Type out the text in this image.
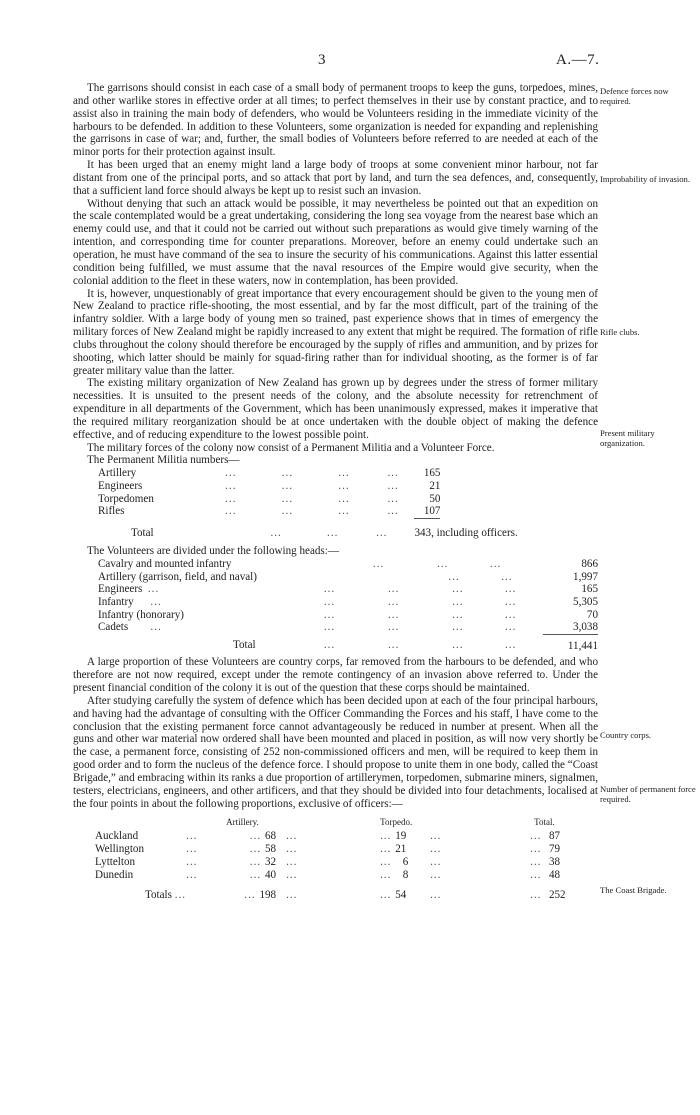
3	A.—7.
Defence forces now required.
Improbability of invasion.
Rifle clubs.
Present military organization.
Country corps.
Number of permanent force required.
The Coast Brigade.

The garrisons should consist in each case of a small body of permanent troops to keep the guns, torpedoes, mines, and other warlike stores in effective order at all times; to perfect themselves in their use by constant practice, and to assist also in training the main body of defenders, who would be Volunteers residing in the immediate vicinity of the harbours to be defended. In addition to these Volunteers, some organization is needed for expanding and replenishing the garrisons in case of war; and, further, the small bodies of Volunteers before referred to are needed at each of the minor ports for their protection against insult.

It has been urged that an enemy might land a large body of troops at some convenient minor harbour, not far distant from one of the principal ports, and so attack that port by land, and turn the sea defences, and, consequently, that a sufficient land force should always be kept up to resist such an invasion.

Without denying that such an attack would be possible, it may nevertheless be pointed out that an expedition on the scale contemplated would be a great undertaking, considering the long sea voyage from the nearest base which an enemy could use, and that it could not be carried out without such preparations as would give timely warning of the intention, and corresponding time for counter preparations. Moreover, before an enemy could undertake such an operation, he must have command of the sea to insure the security of his communications. Against this latter essential condition being fulfilled, we must assume that the naval resources of the Empire would give security, when the colonial addition to the fleet in these waters, now in contemplation, has been provided.

It is, however, unquestionably of great importance that every encouragement should be given to the young men of New Zealand to practice rifle-shooting, the most essential, and by far the most difficult, part of the training of the infantry soldier. With a large body of young men so trained, past experience shows that in times of emergency the military forces of New Zealand might be rapidly increased to any extent that might be required. The formation of rifle clubs throughout the colony should therefore be encouraged by the supply of rifles and ammunition, and by prizes for shooting, which latter should be mainly for squad-firing rather than for individual shooting, as the former is of far greater military value than the latter.

The existing military organization of New Zealand has grown up by degrees under the stress of former military necessities. It is unsuited to the present needs of the colony, and the absolute necessity for retrenchment of expenditure in all departments of the Government, which has been unanimously expressed, makes it imperative that the required military reorganization should be at once undertaken with the double object of making the defence effective, and of reducing expenditure to the lowest possible point.

The military forces of the colony now consist of a Permanent Militia and a Volunteer Force.

The Permanent Militia numbers—

Artillery	... ... ... ...	165
Engineers	... ... ... ...	21
Torpedomen	... ... ... ...	50
Rifles	... ... ... ...	107
Total	... ... ...	343, including officers.

The Volunteers are divided under the following heads:—

Cavalry and mounted infantry	... ... ...	866
Artillery (garrison, field, and naval)	... ...	1,997
Engineers ...	... ... ... ...	165
Infantry ...	... ... ... ...	5,305
Infantry (honorary)	... ... ... ...	70
Cadets ...	... ... ... ...	3,038
Total	... ... ... ...	11,441

A large proportion of these Volunteers are country corps, far removed from the harbours to be defended, and who therefore are not now required, except under the remote contingency of an invasion above referred to. Under the present financial condition of the colony it is out of the question that these corps should be maintained.

After studying carefully the system of defence which has been decided upon at each of the four principal harbours, and having had the advantage of consulting with the Officer Commanding the Forces and his staff, I have come to the conclusion that the existing permanent force cannot advantageously be reduced in number at present. When all the guns and other war material now ordered shall have been mounted and placed in position, as will now very shortly be the case, a permanent force, consisting of 252 non-commissioned officers and men, will be required to keep them in good order and to form the nucleus of the defence force. I should propose to unite them in one body, called the “Coast Brigade,” and embracing within its ranks a due proportion of artillerymen, torpedomen, submarine miners, signalmen, testers, electricians, engineers, and other artificers, and that they should be divided into four detachments, localised at the four points in about the following proportions, exclusive of officers:—

		Artillery.			Torpedo.			Total.
Auckland	...	... 68	...		... 19	...		... 87
Wellington	...	... 58	...		... 21	...		... 79
Lyttelton	...	... 32	...		... 6	...		... 38
Dunedin	...	... 40	...		... 8	...		... 48
Totals ...		... 198	...		... 54	...		... 252
